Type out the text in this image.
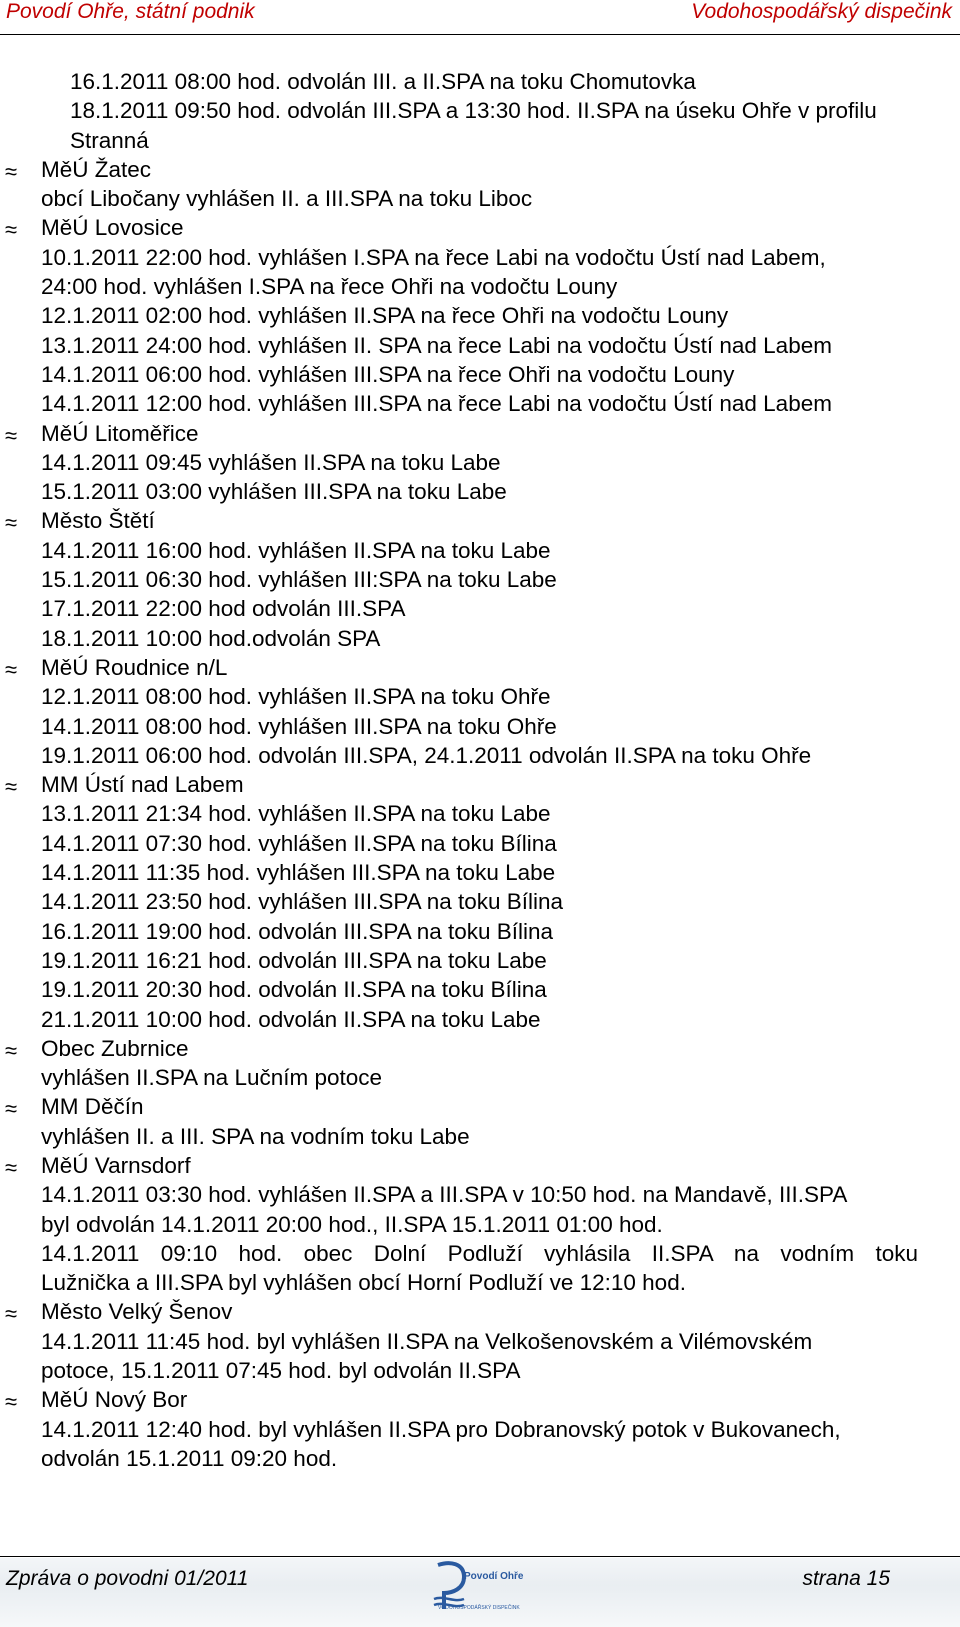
Povodí Ohře, státní podnik	Vodohospodářský dispečink
16.1.2011 08:00 hod. odvolán III. a II.SPA na toku Chomutovka
18.1.2011 09:50 hod. odvolán III.SPA a 13:30 hod. II.SPA na úseku Ohře v profilu
Stranná
≈ MěÚ Žatec
obcí Libočany vyhlášen II. a III.SPA na toku Liboc
≈ MěÚ Lovosice
10.1.2011 22:00 hod. vyhlášen I.SPA na řece Labi na vodočtu Ústí nad Labem,
24:00 hod. vyhlášen I.SPA na řece Ohři na vodočtu Louny
12.1.2011 02:00 hod. vyhlášen II.SPA na řece Ohři na vodočtu Louny
13.1.2011 24:00 hod. vyhlášen II. SPA na řece Labi na vodočtu Ústí nad Labem
14.1.2011 06:00 hod. vyhlášen III.SPA na řece Ohři na vodočtu Louny
14.1.2011 12:00 hod. vyhlášen III.SPA na řece Labi na vodočtu Ústí nad Labem
≈ MěÚ Litoměřice
14.1.2011 09:45 vyhlášen II.SPA na toku Labe
15.1.2011 03:00 vyhlášen III.SPA na toku Labe
≈ Město Štětí
14.1.2011 16:00 hod. vyhlášen II.SPA na toku Labe
15.1.2011 06:30 hod. vyhlášen III:SPA na toku Labe
17.1.2011 22:00 hod odvolán III.SPA
18.1.2011 10:00 hod.odvolán SPA
≈ MěÚ Roudnice n/L
12.1.2011 08:00 hod. vyhlášen II.SPA na toku Ohře
14.1.2011 08:00 hod. vyhlášen III.SPA na toku Ohře
19.1.2011 06:00 hod. odvolán III.SPA, 24.1.2011 odvolán II.SPA na toku Ohře
≈ MM Ústí nad Labem
13.1.2011 21:34 hod. vyhlášen II.SPA na toku Labe
14.1.2011 07:30 hod. vyhlášen II.SPA na toku Bílina
14.1.2011 11:35 hod. vyhlášen III.SPA na toku Labe
14.1.2011 23:50 hod. vyhlášen III.SPA na toku Bílina
16.1.2011 19:00 hod. odvolán III.SPA na toku Bílina
19.1.2011 16:21 hod. odvolán III.SPA na toku Labe
19.1.2011 20:30 hod. odvolán II.SPA na toku Bílina
21.1.2011 10:00 hod. odvolán II.SPA na toku Labe
≈ Obec Zubrnice
vyhlášen II.SPA na Lučním potoce
≈ MM Děčín
vyhlášen II. a III. SPA na vodním toku Labe
≈ MěÚ Varnsdorf
14.1.2011 03:30 hod. vyhlášen II.SPA a III.SPA v 10:50 hod. na Mandavě, III.SPA
byl odvolán 14.1.2011 20:00 hod., II.SPA 15.1.2011 01:00 hod.
14.1.2011 09:10 hod. obec Dolní Podluží vyhlásila II.SPA na vodním toku
Lužnička a III.SPA byl vyhlášen obcí Horní Podluží ve 12:10 hod.
≈ Město Velký Šenov
14.1.2011 11:45 hod. byl vyhlášen II.SPA na Velkošenovském a Vilémovském
potoce, 15.1.2011 07:45 hod. byl odvolán II.SPA
≈ MěÚ Nový Bor
14.1.2011 12:40 hod. byl vyhlášen II.SPA pro Dobranovský potok v Bukovanech,
odvolán 15.1.2011 09:20 hod.
Zpráva o povodni 01/2011	Povodí Ohře
VODOHOSPODÁŘSKÝ DISPEČINK
strana 15
